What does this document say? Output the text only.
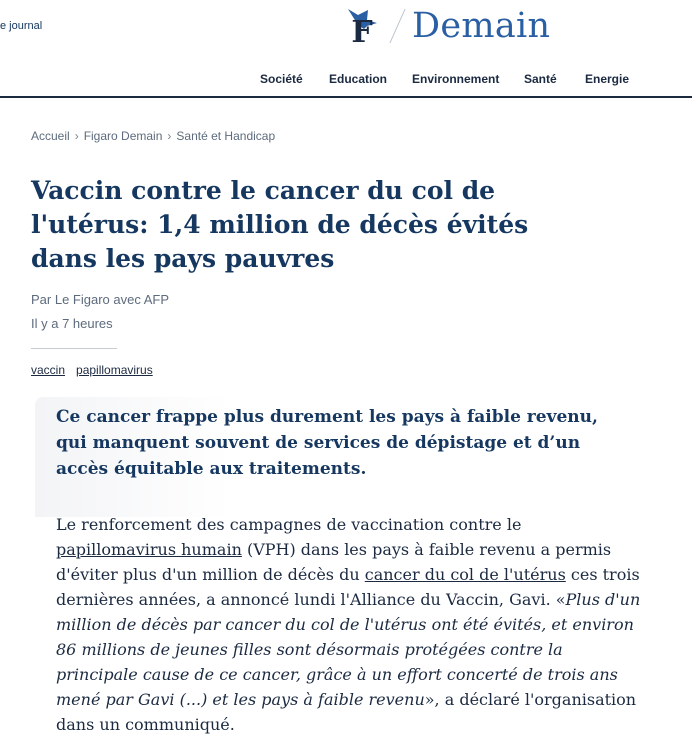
e journal	F Demain
Société Education Environnement Santé Energie
Accueil › Figaro Demain › Santé et Handicap
Vaccin contre le cancer du col de l'utérus: 1,4 million de décès évités dans les pays pauvres
Par Le Figaro avec AFP
Il y a 7 heures
vaccin papillomavirus

Ce cancer frappe plus durement les pays à faible revenu, qui manquent souvent de services de dépistage et d’un accès équitable aux traitements.

Le renforcement des campagnes de vaccination contre le papillomavirus humain (VPH) dans les pays à faible revenu a permis d'éviter plus d'un million de décès du cancer du col de l'utérus ces trois dernières années, a annoncé lundi l'Alliance du Vaccin, Gavi. «Plus d'un million de décès par cancer du col de l'utérus ont été évités, et environ 86 millions de jeunes filles sont désormais protégées contre la principale cause de ce cancer, grâce à un effort concerté de trois ans mené par Gavi (...) et les pays à faible revenu», a déclaré l'organisation dans un communiqué.
